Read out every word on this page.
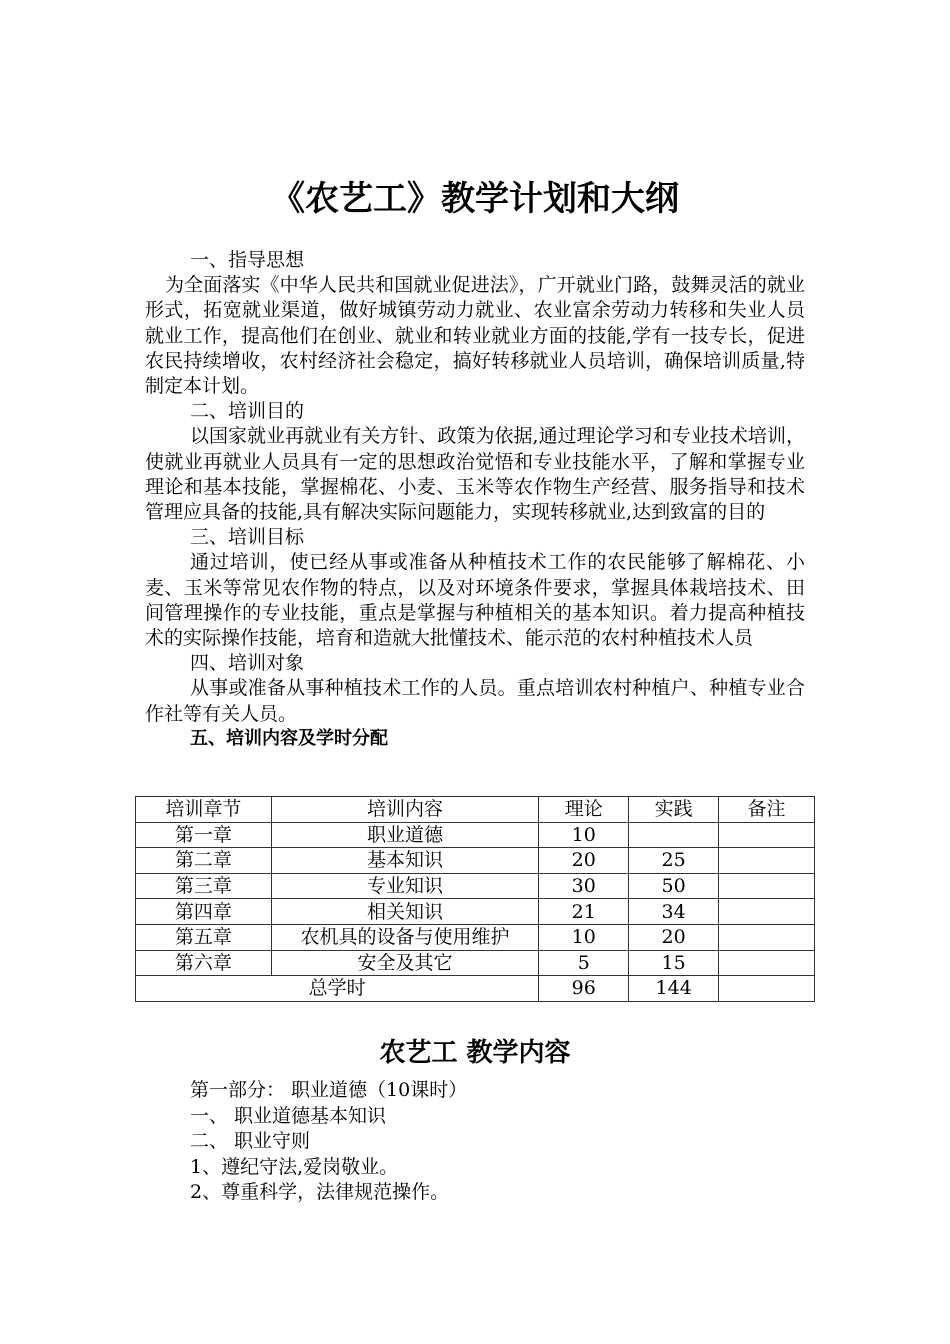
《农艺工》教学计划和大纲

一、指导思想

为全面落实《中华人民共和国就业促进法》，广开就业门路，鼓舞灵活的就业形式，拓宽就业渠道，做好城镇劳动力就业、农业富余劳动力转移和失业人员就业工作，提高他们在创业、就业和转业就业方面的技能,学有一技专长，促进农民持续增收，农村经济社会稳定，搞好转移就业人员培训，确保培训质量,特制定本计划。

二、培训目的

以国家就业再就业有关方针、政策为依据,通过理论学习和专业技术培训，使就业再就业人员具有一定的思想政治觉悟和专业技能水平，了解和掌握专业理论和基本技能，掌握棉花、小麦、玉米等农作物生产经营、服务指导和技术管理应具备的技能,具有解决实际问题能力，实现转移就业,达到致富的目的

三、培训目标

通过培训，使已经从事或准备从种植技术工作的农民能够了解棉花、小麦、玉米等常见农作物的特点，以及对环境条件要求，掌握具体栽培技术、田间管理操作的专业技能，重点是掌握与种植相关的基本知识。着力提高种植技术的实际操作技能，培育和造就大批懂技术、能示范的农村种植技术人员

四、培训对象

从事或准备从事种植技术工作的人员。重点培训农村种植户、种植专业合作社等有关人员。

五、培训内容及学时分配

培训章节	培训内容	理论	实践	备注
第一章	职业道德	10		
第二章	基本知识	20	25	
第三章	专业知识	30	50	
第四章	相关知识	21	34	
第五章	农机具的设备与使用维护	10	20	
第六章	安全及其它	5	15	
总学时		96	144	
农艺工 教学内容
第一部分： 职业道德（10课时）
一、 职业道德基本知识
二、 职业守则
1、遵纪守法,爱岗敬业。
2、尊重科学，法律规范操作。
